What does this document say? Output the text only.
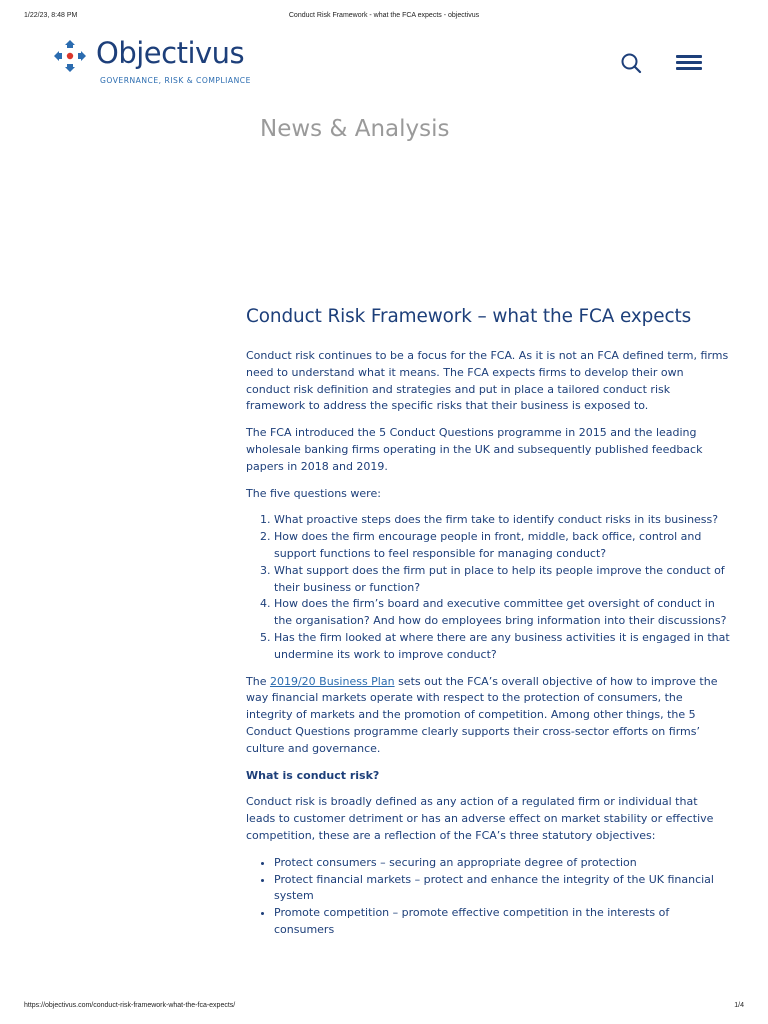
1/22/23, 8:48 PM	Conduct Risk Framework - what the FCA expects - objectivus
Objectivus
GOVERNANCE, RISK & COMPLIANCE
News & Analysis
Conduct Risk Framework – what the FCA expects

Conduct risk continues to be a focus for the FCA. As it is not an FCA defined term, firms need to understand what it means. The FCA expects firms to develop their own conduct risk definition and strategies and put in place a tailored conduct risk framework to address the specific risks that their business is exposed to.

The FCA introduced the 5 Conduct Questions programme in 2015 and the leading wholesale banking firms operating in the UK and subsequently published feedback papers in 2018 and 2019.

The five questions were:

1. What proactive steps does the firm take to identify conduct risks in its business?
2. How does the firm encourage people in front, middle, back office, control and support functions to feel responsible for managing conduct?
3. What support does the firm put in place to help its people improve the conduct of their business or function?
4. How does the firm’s board and executive committee get oversight of conduct in the organisation? And how do employees bring information into their discussions?
5. Has the firm looked at where there are any business activities it is engaged in that undermine its work to improve conduct?

The 2019/20 Business Plan sets out the FCA’s overall objective of how to improve the way financial markets operate with respect to the protection of consumers, the integrity of markets and the promotion of competition. Among other things, the 5 Conduct Questions programme clearly supports their cross-sector efforts on firms’ culture and governance.

What is conduct risk?

Conduct risk is broadly defined as any action of a regulated firm or individual that leads to customer detriment or has an adverse effect on market stability or effective competition, these are a reflection of the FCA’s three statutory objectives:

• Protect consumers – securing an appropriate degree of protection
• Protect financial markets – protect and enhance the integrity of the UK financial system
• Promote competition – promote effective competition in the interests of consumers
https://objectivus.com/conduct-risk-framework-what-the-fca-expects/	1/4
